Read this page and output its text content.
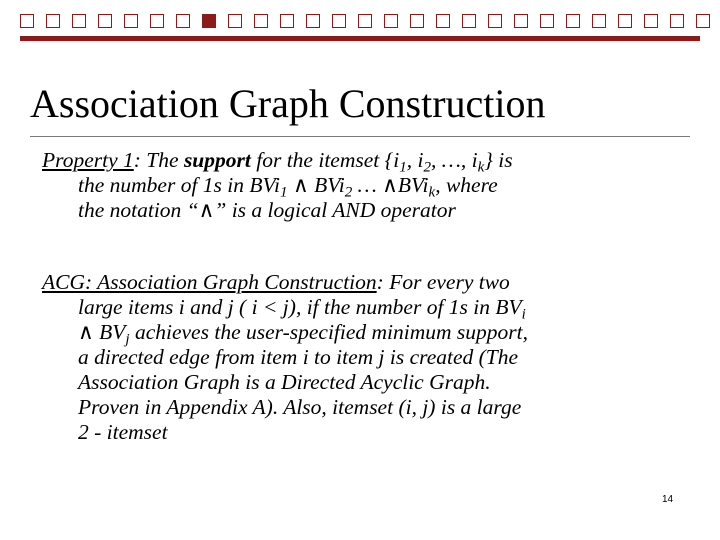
Association Graph Construction
Property 1: The support for the itemset {$i_1$, $i_2$, …, $i_k$} is
the number of 1s in BVi$_1$ ∧ BVi$_2$ … ∧BVi$_k$, where
the notation “∧” is a logical AND operator
ACG: Association Graph Construction: For every two
large items i and j ( i < j), if the number of 1s in $BV_i$
∧ $BV_j$ achieves the user-specified minimum support,
a directed edge from item i to item j is created (The
Association Graph is a Directed Acyclic Graph.
Proven in Appendix A). Also, itemset (i, j) is a large
2 - itemset
14
